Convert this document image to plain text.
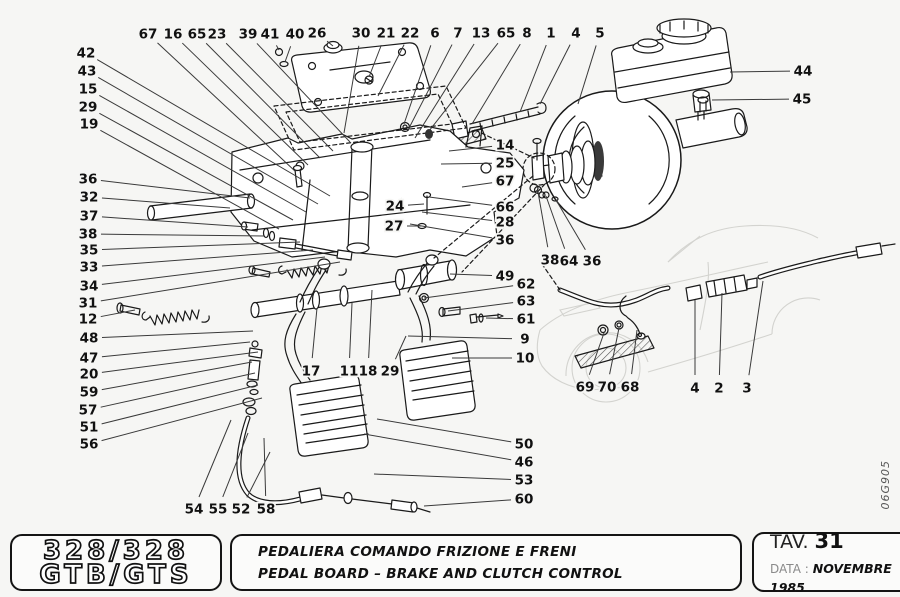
67 16 65 23 39 41 40 26 30 21 22 6 7 13 65 8 1 4 5
44
45
42
43
15
29
19
36
32
37
38
35
33
34
31
12
48
47
20
59
57
51
56
54 55 52 58
14
25
67
66
28
36
49 62
63
61
9
10
38 64 36
17 11 18 29
24
27
50
46
53
60
69 70 68	4 2 3
328/328
GTB/GTS
PEDALIERA COMANDO FRIZIONE E FRENI
PEDAL BOARD – BRAKE AND CLUTCH CONTROL
TAV. 31
DATA : NOVEMBRE 1985
06G905
